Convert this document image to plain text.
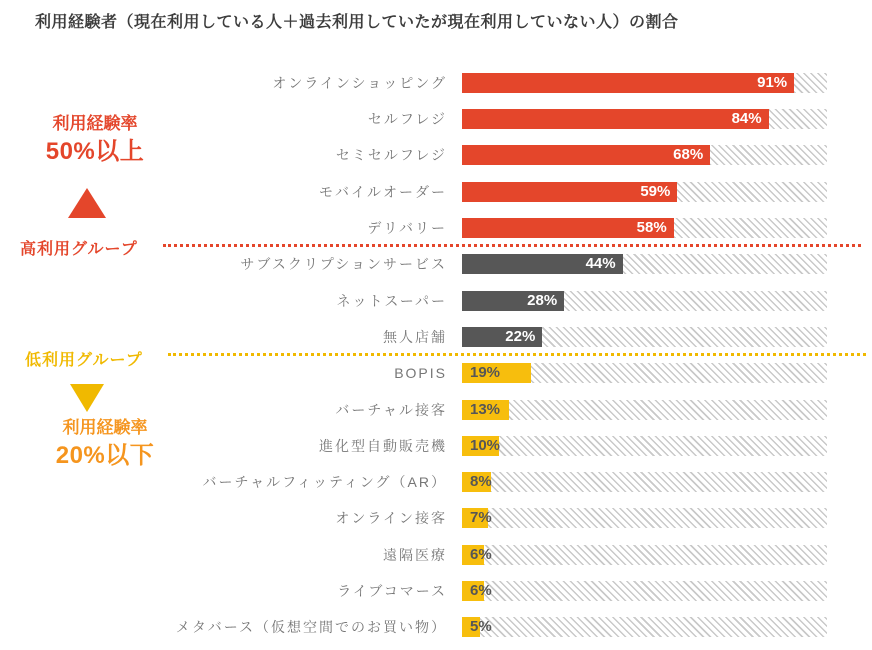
利用経験者（現在利用している人＋過去利用していたが現在利用していない人）の割合
利用経験率
50%以上
高利用グループ
低利用グループ
利用経験率
20%以下
オンラインショッピング	91%
セルフレジ	84%
セミセルフレジ	68%
モバイルオーダー	59%
デリバリー	58%
サブスクリプションサービス	44%
ネットスーパー	28%
無人店舗	22%
BOPIS 19%
バーチャル接客 13%
進化型自動販売機 10%
バーチャルフィッティング（AR） 8%
オンライン接客 7%
遠隔医療 6%
ライブコマース 6%
メタバース（仮想空間でのお買い物） 5%
